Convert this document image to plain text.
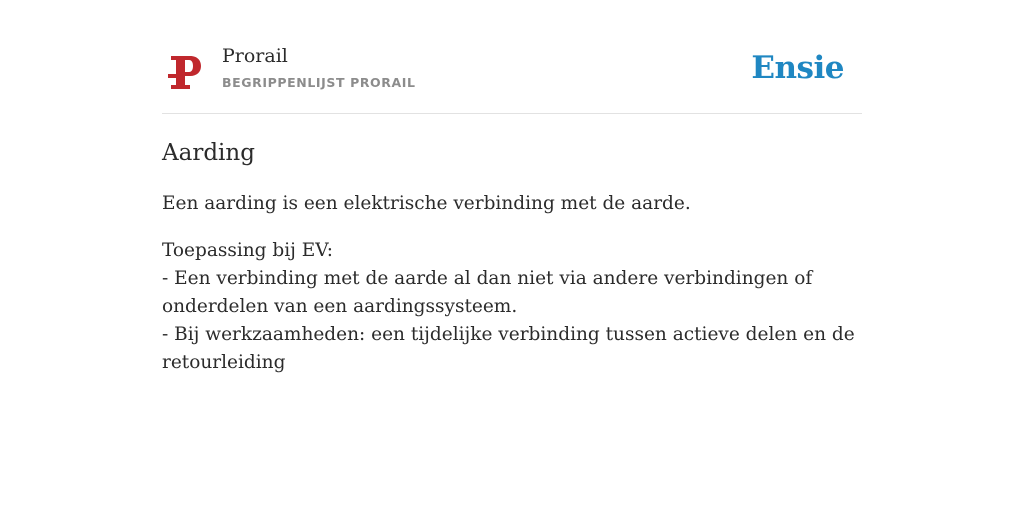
Prorail
BEGRIPPENLIJST PRORAIL	Ensie
Aarding

Een aarding is een elektrische verbinding met de aarde.

Toepassing bij EV:
- Een verbinding met de aarde al dan niet via andere verbindingen of onderdelen van een aardingssysteem.
- Bij werkzaamheden: een tijdelijke verbinding tussen actieve delen en de retourleiding
